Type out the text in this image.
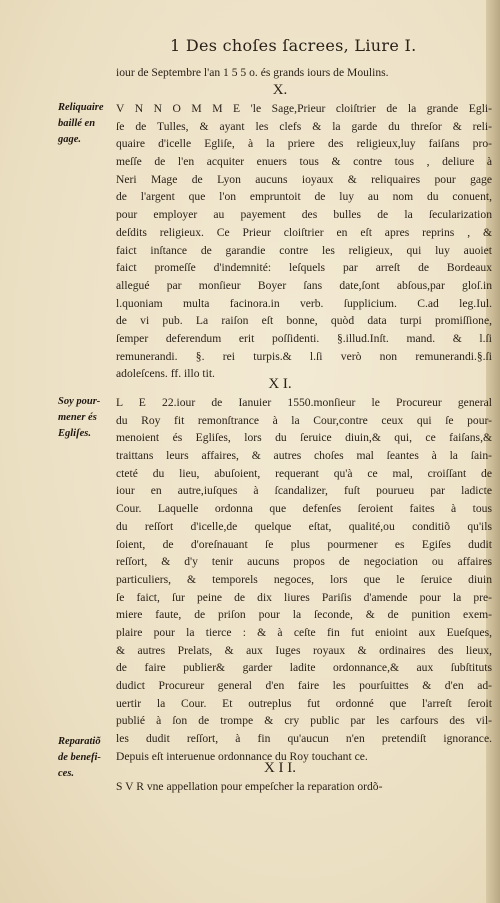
1 Des choſes ſacrees, Liure I.
iour de Septembre l'an 1 5 5 o. és grands iours de Moulins.
X.
Reliquaire
baillé en
gage.
V N N O M M E 'le Sage,Prieur cloiſtrier de la grande Egli-
ſe de Tulles, & ayant les clefs & la garde du threſor & reli-
quaire d'icelle Egliſe, à la priere des religieux,luy faiſans pro-
meſſe de l'en acquiter enuers tous & contre tous , deliure à
Neri Mage de Lyon aucuns ioyaux & reliquaires pour gage
de l'argent que l'on empruntoit de luy au nom du conuent,
pour employer au payement des bulles de la ſecularization
deſdits religieux. Ce Prieur cloiſtrier en eſt apres reprins , &
faict inſtance de garandie contre les religieux, qui luy auoiet
faict promeſſe d'indemnité: leſquels par arreſt de Bordeaux
allegué par monſieur Boyer ſans date,ſont abſous,par gloſ.in
l.quoniam multa facinora.in verb. ſupplicium. C.ad leg.Iul.
de vi pub. La raiſon eſt bonne, quòd data turpi promiſſione,
ſemper deferendum erit poſſidenti. §.illud.Inſt. mand. & l.ſi
remunerandi. §. rei turpis.& l.ſi verò non remunerandi.§.ſi
adoleſcens. ff. illo tit.
X I.
Soy pour-
mener és
Egliſes.
L E 22.iour de Ianuier 1550.monſieur le Procureur general
du Roy fit remonſtrance à la Cour,contre ceux qui ſe pour-
menoient és Egliſes, lors du ſeruice diuin,& qui, ce faiſans,&
traittans leurs affaires, & autres choſes mal ſeantes à la ſain-
cteté du lieu, abuſoient, requerant qu'à ce mal, croiſſant de
iour en autre,iuſques à ſcandalizer, fuſt pourueu par ladicte
Cour. Laquelle ordonna que defenſes ſeroient faites à tous
du reſſort d'icelle,de quelque eſtat, qualité,ou conditiõ qu'ils
ſoient, de d'oreſnauant ſe plus pourmener es Egiſes dudit
reſſort, & d'y tenir aucuns propos de negociation ou affaires
particuliers, & temporels negoces, lors que le ſeruice diuin
ſe faict, ſur peine de dix liures Pariſis d'amende pour la pre-
miere faute, de priſon pour la ſeconde, & de punition exem-
plaire pour la tierce : & à ceſte fin fut enioint aux Eueſques,
& autres Prelats, & aux Iuges royaux & ordinaires des lieux,
de faire publier& garder ladite ordonnance,& aux ſubſtituts
dudict Procureur general d'en faire les pourſuittes & d'en ad-
uertir la Cour. Et outreplus fut ordonné que l'arreſt ſeroit
publié à ſon de trompe & cry public par les carfours des vil-
les dudit reſſort, à fin qu'aucun n'en pretendiſt ignorance.
Depuis eſt interuenue ordonnance du Roy touchant ce.
X I I.
Reparatiõ
de benefi-
ces.
S V R vne appellation pour empeſcher la reparation ordõ-
